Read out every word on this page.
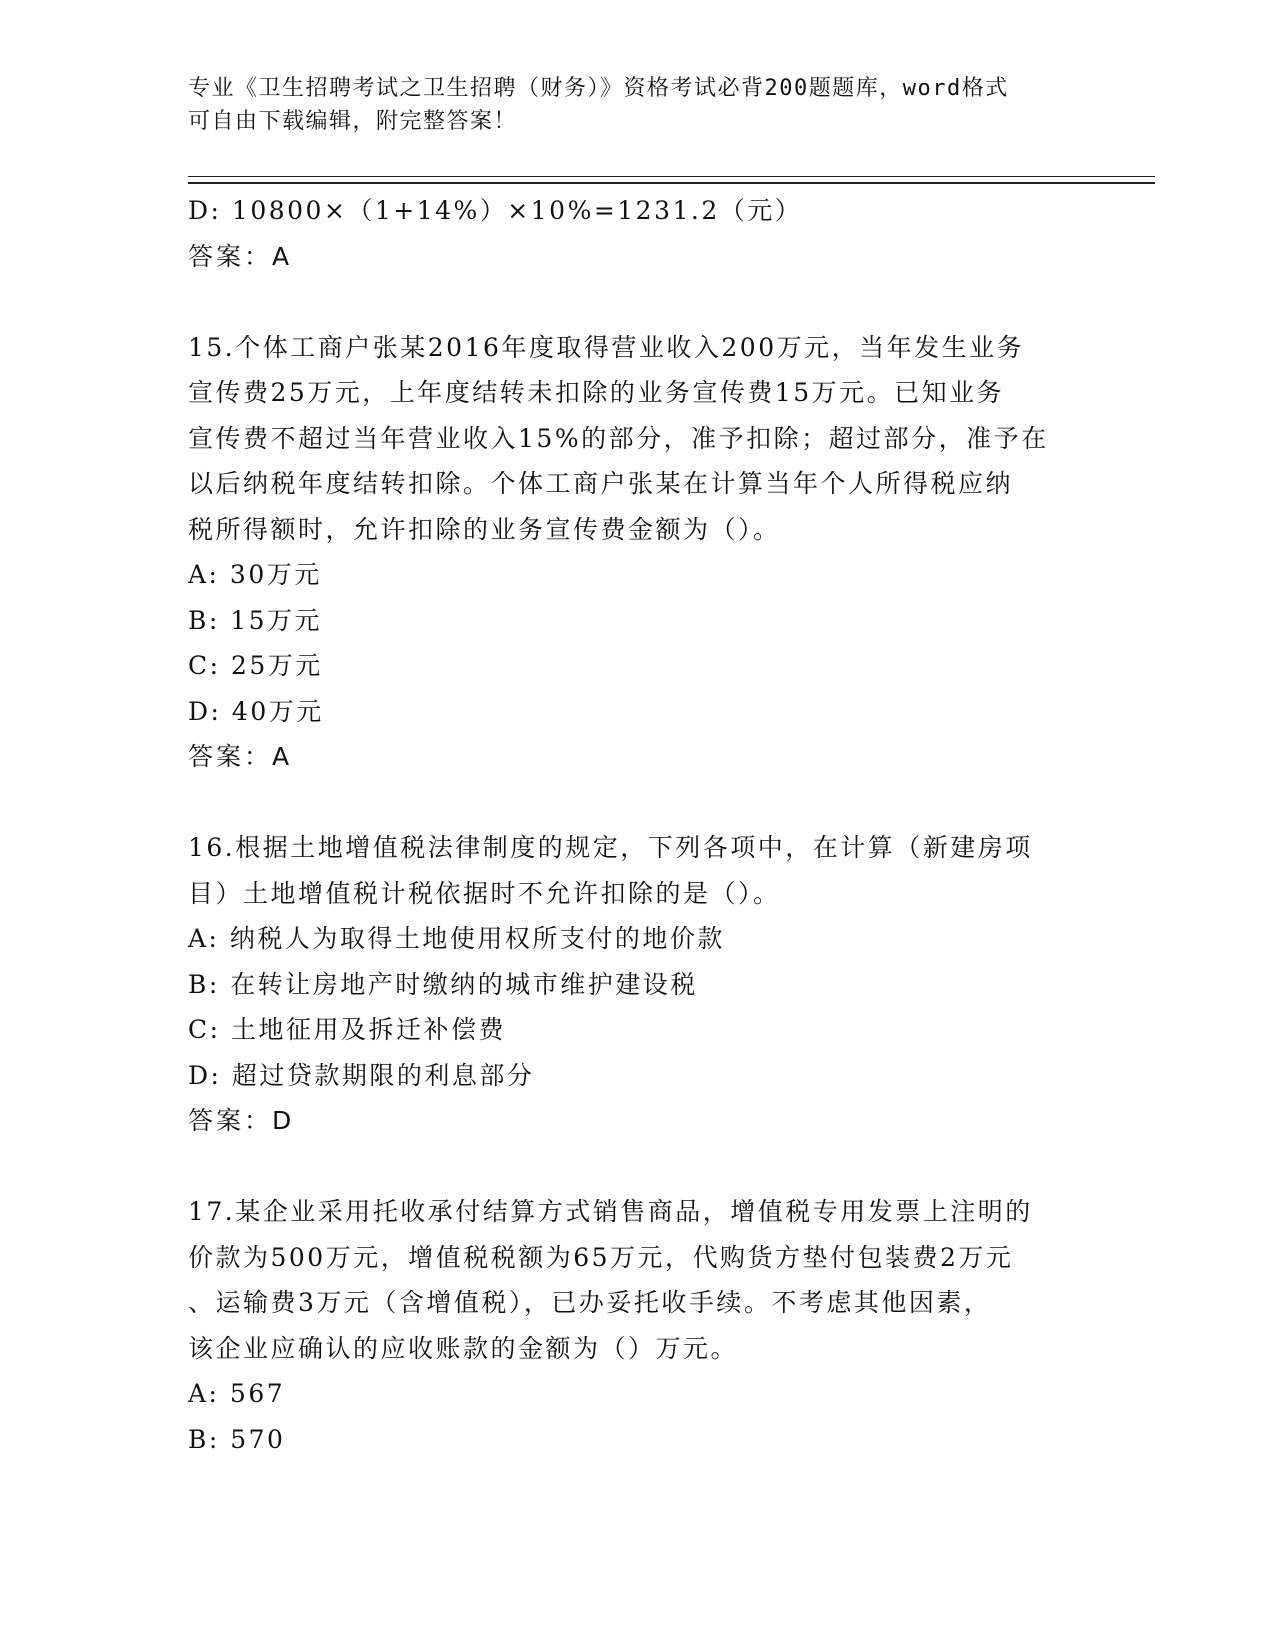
专业《卫生招聘考试之卫生招聘（财务）》资格考试必背200题题库，word格式
可自由下载编辑，附完整答案！
D: 10800×（1+14%）×10%=1231.2（元）
答案：A
15.个体工商户张某2016年度取得营业收入200万元，当年发生业务
宣传费25万元，上年度结转未扣除的业务宣传费15万元。已知业务
宣传费不超过当年营业收入15%的部分，准予扣除；超过部分，准予在
以后纳税年度结转扣除。个体工商户张某在计算当年个人所得税应纳
税所得额时，允许扣除的业务宣传费金额为（）。
A: 30万元
B: 15万元
C: 25万元
D: 40万元
答案：A
16.根据土地增值税法律制度的规定，下列各项中，在计算（新建房项
目）土地增值税计税依据时不允许扣除的是（）。
A: 纳税人为取得土地使用权所支付的地价款
B: 在转让房地产时缴纳的城市维护建设税
C: 土地征用及拆迁补偿费
D: 超过贷款期限的利息部分
答案：D
17.某企业采用托收承付结算方式销售商品，增值税专用发票上注明的
价款为500万元，增值税税额为65万元，代购货方垫付包装费2万元
、运输费3万元（含增值税），已办妥托收手续。不考虑其他因素，
该企业应确认的应收账款的金额为（）万元。
A: 567
B: 570
